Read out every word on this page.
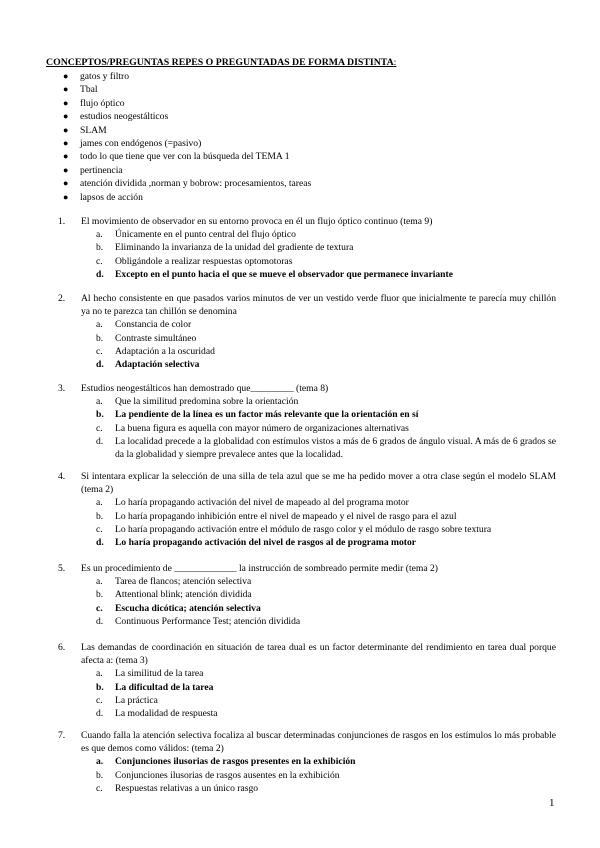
CONCEPTOS/PREGUNTAS REPES O PREGUNTADAS DE FORMA DISTINTA:
● gatos y filtro
● Tbal
● flujo óptico
● estudios neogestálticos
● SLAM
● james con endógenos (=pasivo)
● todo lo que tiene que ver con la búsqueda del TEMA 1
● pertinencia
● atención dividida ,norman y bobrow: procesamientos, tareas
● lapsos de acción
1. El movimiento de observador en su entorno provoca en él un flujo óptico continuo (tema 9)
a. Únicamente en el punto central del flujo óptico
b. Eliminando la invarianza de la unidad del gradiente de textura
c. Obligándole a realizar respuestas optomotoras
d. Excepto en el punto hacia el que se mueve el observador que permanece invariante
2. Al hecho consistente en que pasados varios minutos de ver un vestido verde fluor que inicialmente te parecía muy chillón ya no te parezca tan chillón se denomina
a. Constancia de color
b. Contraste simultáneo
c. Adaptación a la oscuridad
d. Adaptación selectiva
3. Estudios neogestálticos han demostrado que_________ (tema 8)
a. Que la similitud predomina sobre la orientación
b. La pendiente de la línea es un factor más relevante que la orientación en sí
c. La buena figura es aquella con mayor número de organizaciones alternativas
d. La localidad precede a la globalidad con estímulos vistos a más de 6 grados de ángulo visual. A más de 6 grados se da la globalidad y siempre prevalece antes que la localidad.
4. Si intentara explicar la selección de una silla de tela azul que se me ha pedido mover a otra clase según el modelo SLAM (tema 2)
a. Lo haría propagando activación del nivel de mapeado al del programa motor
b. Lo haría propagando inhibición entre el nivel de mapeado y el nivel de rasgo para el azul
c. Lo haría propagando activación entre el módulo de rasgo color y el módulo de rasgo sobre textura
d. Lo haría propagando activación del nivel de rasgos al de programa motor
5. Es un procedimiento de _____________ la instrucción de sombreado permite medir (tema 2)
a. Tarea de flancos; atención selectiva
b. Attentional blink; atención dividida
c. Escucha dicótica; atención selectiva
d. Continuous Performance Test; atención dividida
6. Las demandas de coordinación en situación de tarea dual es un factor determinante del rendimiento en tarea dual porque afecta a: (tema 3)
a. La similitud de la tarea
b. La dificultad de la tarea
c. La práctica
d. La modalidad de respuesta
7. Cuando falla la atención selectiva focaliza al buscar determinadas conjunciones de rasgos en los estímulos lo más probable es que demos como válidos: (tema 2)
a. Conjunciones ilusorias de rasgos presentes en la exhibición
b. Conjunciones ilusorias de rasgos ausentes en la exhibición
c. Respuestas relativas a un único rasgo
1
